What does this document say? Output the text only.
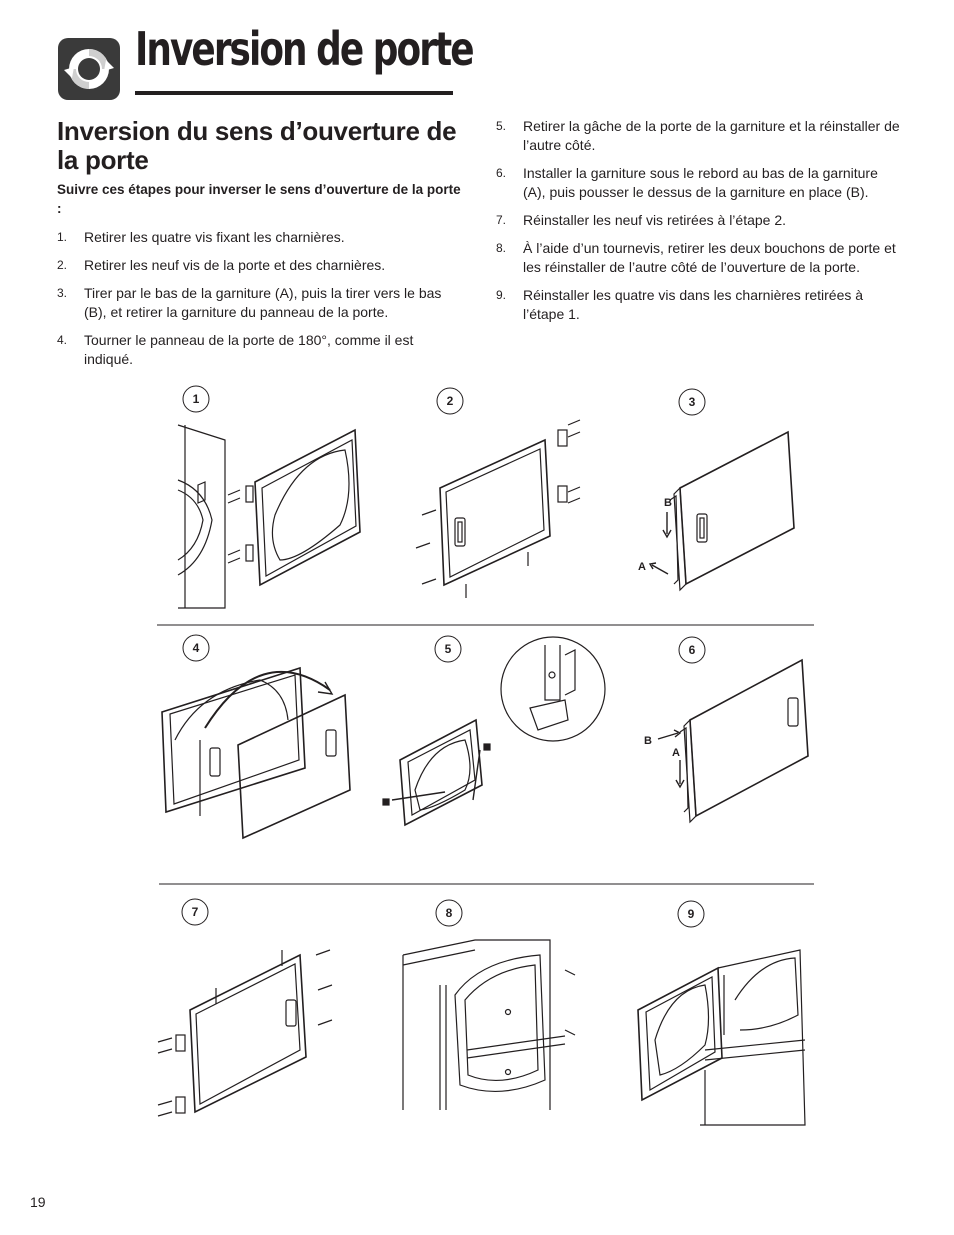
Inversion de porte
Inversion du sens d’ouverture de la porte
Suivre ces étapes pour inverser le sens d’ouverture de la porte :
1. Retirer les quatre vis fixant les charnières.
2. Retirer les neuf vis de la porte et des charnières.
3. Tirer par le bas de la garniture (A), puis la tirer vers le bas (B), et retirer la garniture du panneau de la porte.
4. Tourner le panneau de la porte de 180°, comme il est indiqué.
5. Retirer la gâche de la porte de la garniture et la réinstaller de l’autre côté.
6. Installer la garniture sous le rebord au bas de la garniture (A), puis pousser le dessus de la garniture en place (B).
7. Réinstaller les neuf vis retirées à l’étape 2.
8. À l’aide d’un tournevis, retirer les deux bouchons de porte et les réinstaller de l’autre côté de l’ouverture de la porte.
9. Réinstaller les quatre vis dans les charnières retirées à l’étape 1.
1	2	3
4	5	6
7	8	9
B
A
B
A
19
